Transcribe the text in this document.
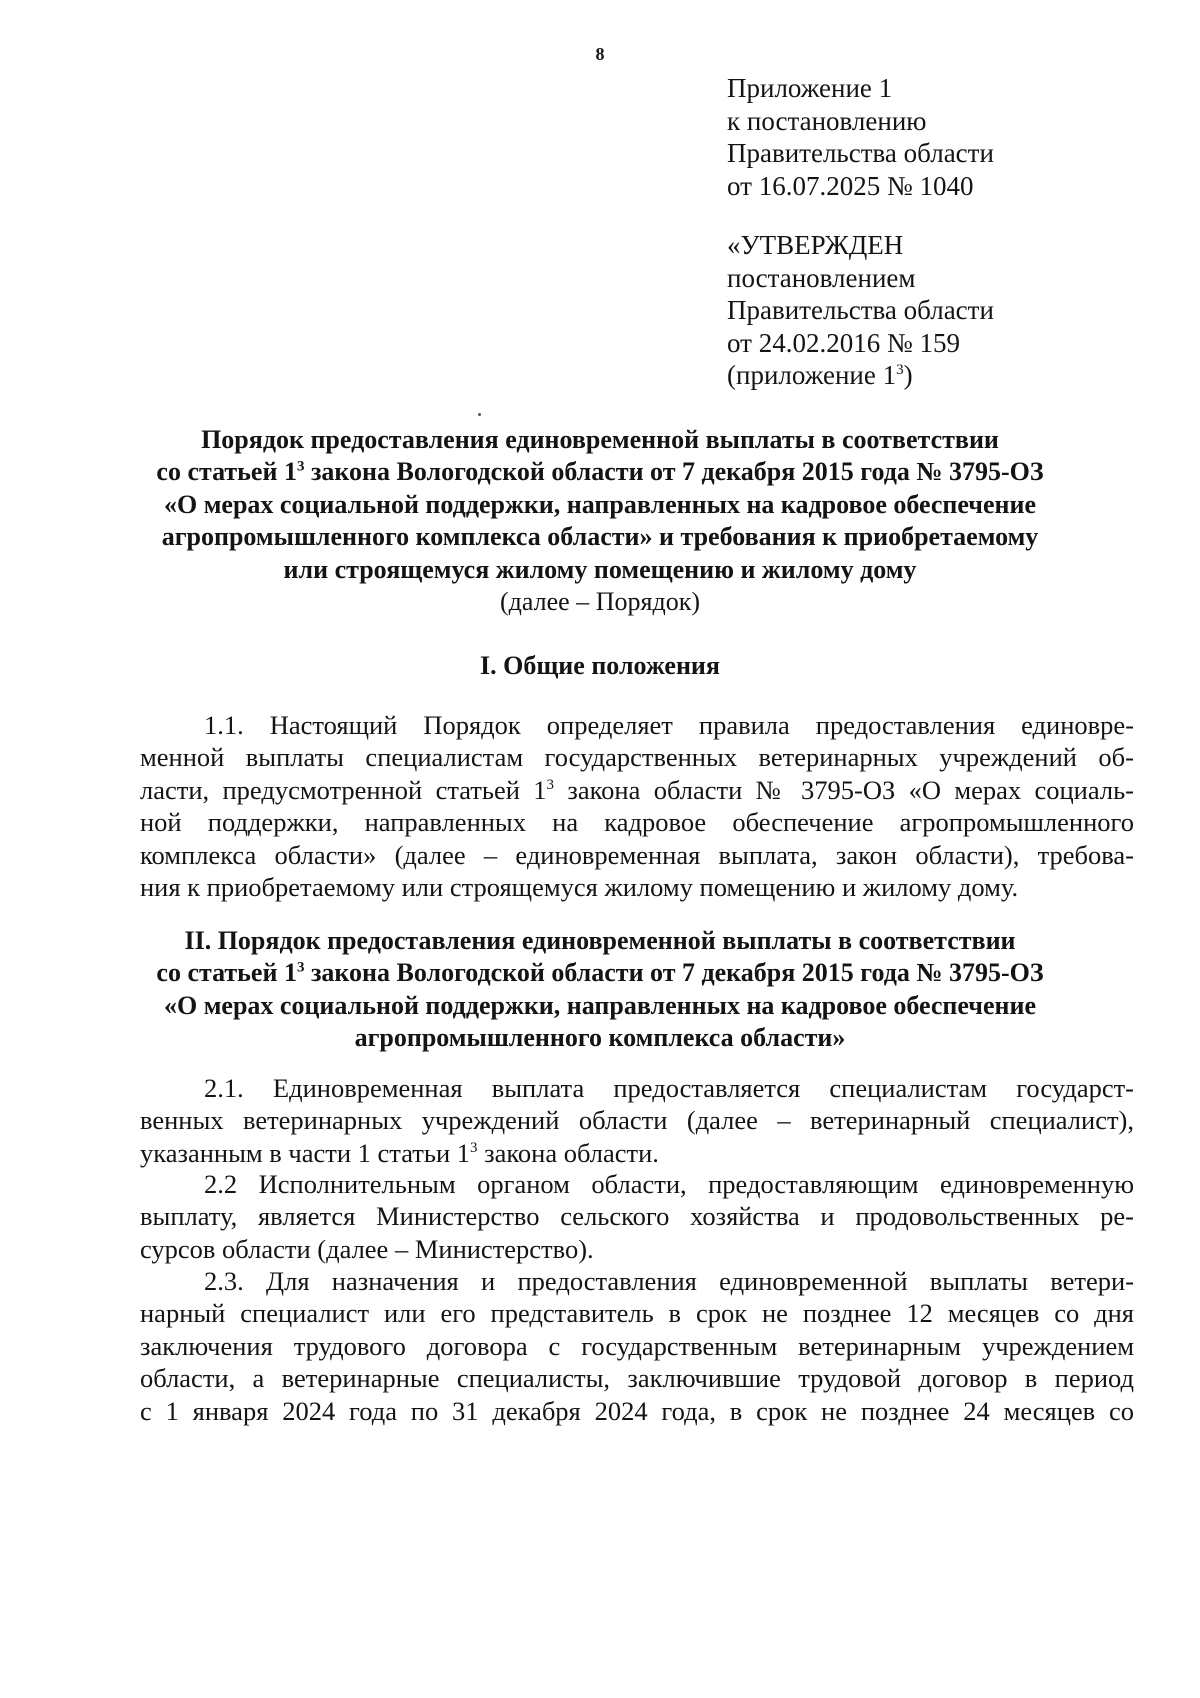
8
Приложение 1
к постановлению
Правительства области
от 16.07.2025 № 1040
«УТВЕРЖДЕН
постановлением
Правительства области
от 24.02.2016 № 159
(приложение $1^3$)
Порядок предоставления единовременной выплаты в соответствии
со статьей $1^3$ закона Вологодской области от 7 декабря 2015 года № 3795-ОЗ
«О мерах социальной поддержки, направленных на кадровое обеспечение
агропромышленного комплекса области» и требования к приобретаемому
или строящемуся жилому помещению и жилому дому
(далее – Порядок)
I. Общие положения
1.1. Настоящий Порядок определяет правила предоставления единовре-
менной выплаты специалистам государственных ветеринарных учреждений об-
ласти, предусмотренной статьей $1^3$ закона области № 3795-ОЗ «О мерах социаль-
ной поддержки, направленных на кадровое обеспечение агропромышленного
комплекса области» (далее – единовременная выплата, закон области), требова-
ния к приобретаемому или строящемуся жилому помещению и жилому дому.
II. Порядок предоставления единовременной выплаты в соответствии
со статьей $1^3$ закона Вологодской области от 7 декабря 2015 года № 3795-ОЗ
«О мерах социальной поддержки, направленных на кадровое обеспечение
агропромышленного комплекса области»
2.1. Единовременная выплата предоставляется специалистам государст-
венных ветеринарных учреждений области (далее – ветеринарный специалист),
указанным в части 1 статьи $1^3$ закона области.
2.2 Исполнительным органом области, предоставляющим единовременную
выплату, является Министерство сельского хозяйства и продовольственных ре-
сурсов области (далее – Министерство).
2.3. Для назначения и предоставления единовременной выплаты ветери-
нарный специалист или его представитель в срок не позднее 12 месяцев со дня
заключения трудового договора с государственным ветеринарным учреждением
области, а ветеринарные специалисты, заключившие трудовой договор в период
с 1 января 2024 года по 31 декабря 2024 года, в срок не позднее 24 месяцев со
